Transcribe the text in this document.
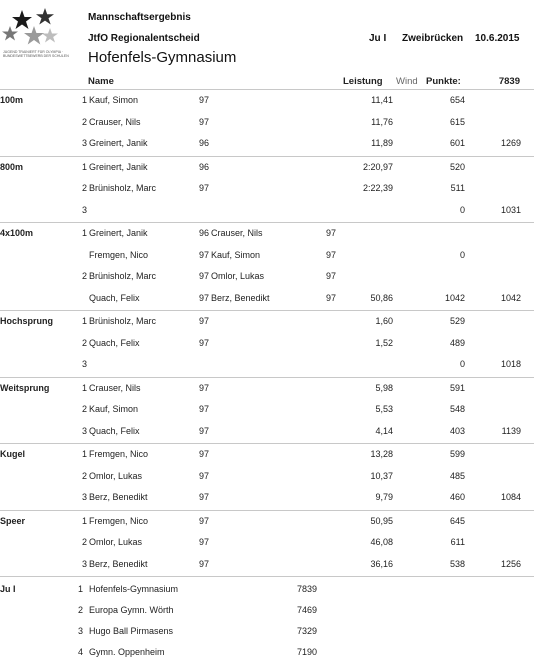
JUGEND TRAINIERT FÜR OLYMPIA · BUNDESWETTBEWERB DER SCHULEN
Mannschaftsergebnis
JtfO Regionalentscheid
Hofenfels-Gymnasium
Ju I Zweibrücken 10.6.2015
Name	Leistung Wind Punkte:	7839
100m	1 Kauf, Simon	97	11,41	654
2 Crauser, Nils	97	11,76	615
3 Greinert, Janik	96	11,89	601	1269
800m	1 Greinert, Janik	96	2:20,97	520
2 Brünisholz, Marc	97	2:22,39	511
3	0	1031
4x100m	1 Greinert, Janik	96 Crauser, Nils	97
Fremgen, Nico	97 Kauf, Simon	97	0
2 Brünisholz, Marc	97 Omlor, Lukas	97
Quach, Felix	97 Berz, Benedikt	97	50,86	1042	1042
Hochsprung	1 Brünisholz, Marc	97	1,60	529
2 Quach, Felix	97	1,52	489
3	0	1018
Weitsprung	1 Crauser, Nils	97	5,98	591
2 Kauf, Simon	97	5,53	548
3 Quach, Felix	97	4,14	403	1139
Kugel	1 Fremgen, Nico	97	13,28	599
2 Omlor, Lukas	97	10,37	485
3 Berz, Benedikt	97	9,79	460	1084
Speer	1 Fremgen, Nico	97	50,95	645
2 Omlor, Lukas	97	46,08	611
3 Berz, Benedikt	97	36,16	538	1256
Ju I	1 Hofenfels-Gymnasium	7839
2 Europa Gymn. Wörth	7469
3 Hugo Ball Pirmasens	7329
4 Gymn. Oppenheim	7190
